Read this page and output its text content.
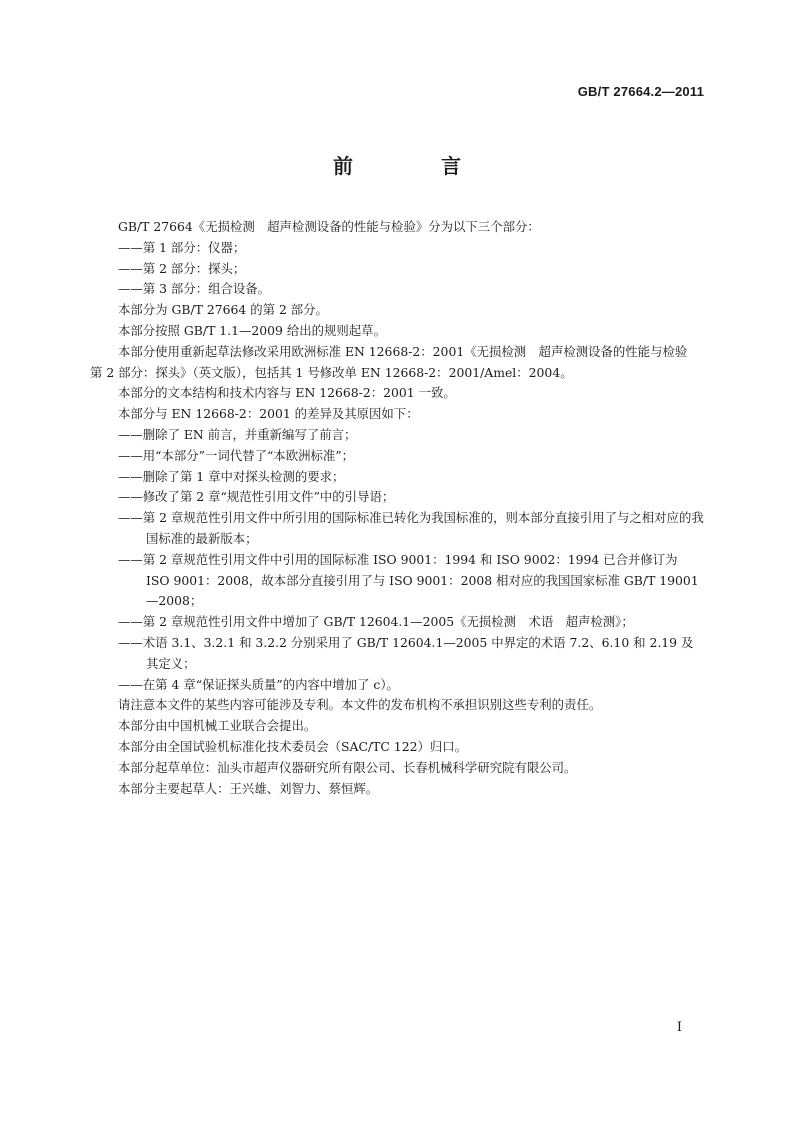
GB/T 27664.2—2011
前　言

GB/T 27664《无损检测　超声检测设备的性能与检验》分为以下三个部分：

——第 1 部分：仪器；

——第 2 部分：探头；

——第 3 部分：组合设备。

本部分为 GB/T 27664 的第 2 部分。

本部分按照 GB/T 1.1—2009 给出的规则起草。

本部分使用重新起草法修改采用欧洲标准 EN 12668-2：2001《无损检测　超声检测设备的性能与检验　第 2 部分：探头》（英文版），包括其 1 号修改单 EN 12668-2：2001/Amel：2004。

本部分的文本结构和技术内容与 EN 12668-2：2001 一致。

本部分与 EN 12668-2：2001 的差异及其原因如下：

——删除了 EN 前言，并重新编写了前言；

——用“本部分”一词代替了“本欧洲标准”；

——删除了第 1 章中对探头检测的要求；

——修改了第 2 章“规范性引用文件”中的引导语；

——第 2 章规范性引用文件中所引用的国际标准已转化为我国标准的，则本部分直接引用了与之相对应的我国标准的最新版本；

——第 2 章规范性引用文件中引用的国际标准 ISO 9001：1994 和 ISO 9002：1994 已合并修订为 ISO 9001：2008，故本部分直接引用了与 ISO 9001：2008 相对应的我国国家标准 GB/T 19001—2008；

——第 2 章规范性引用文件中增加了 GB/T 12604.1—2005《无损检测　术语　超声检测》；

——术语 3.1、3.2.1 和 3.2.2 分别采用了 GB/T 12604.1—2005 中界定的术语 7.2、6.10 和 2.19 及其定义；

——在第 4 章“保证探头质量”的内容中增加了 c）。

请注意本文件的某些内容可能涉及专利。本文件的发布机构不承担识别这些专利的责任。

本部分由中国机械工业联合会提出。

本部分由全国试验机标准化技术委员会（SAC/TC 122）归口。

本部分起草单位：汕头市超声仪器研究所有限公司、长春机械科学研究院有限公司。

本部分主要起草人：王兴雄、刘智力、蔡恒辉。

I
